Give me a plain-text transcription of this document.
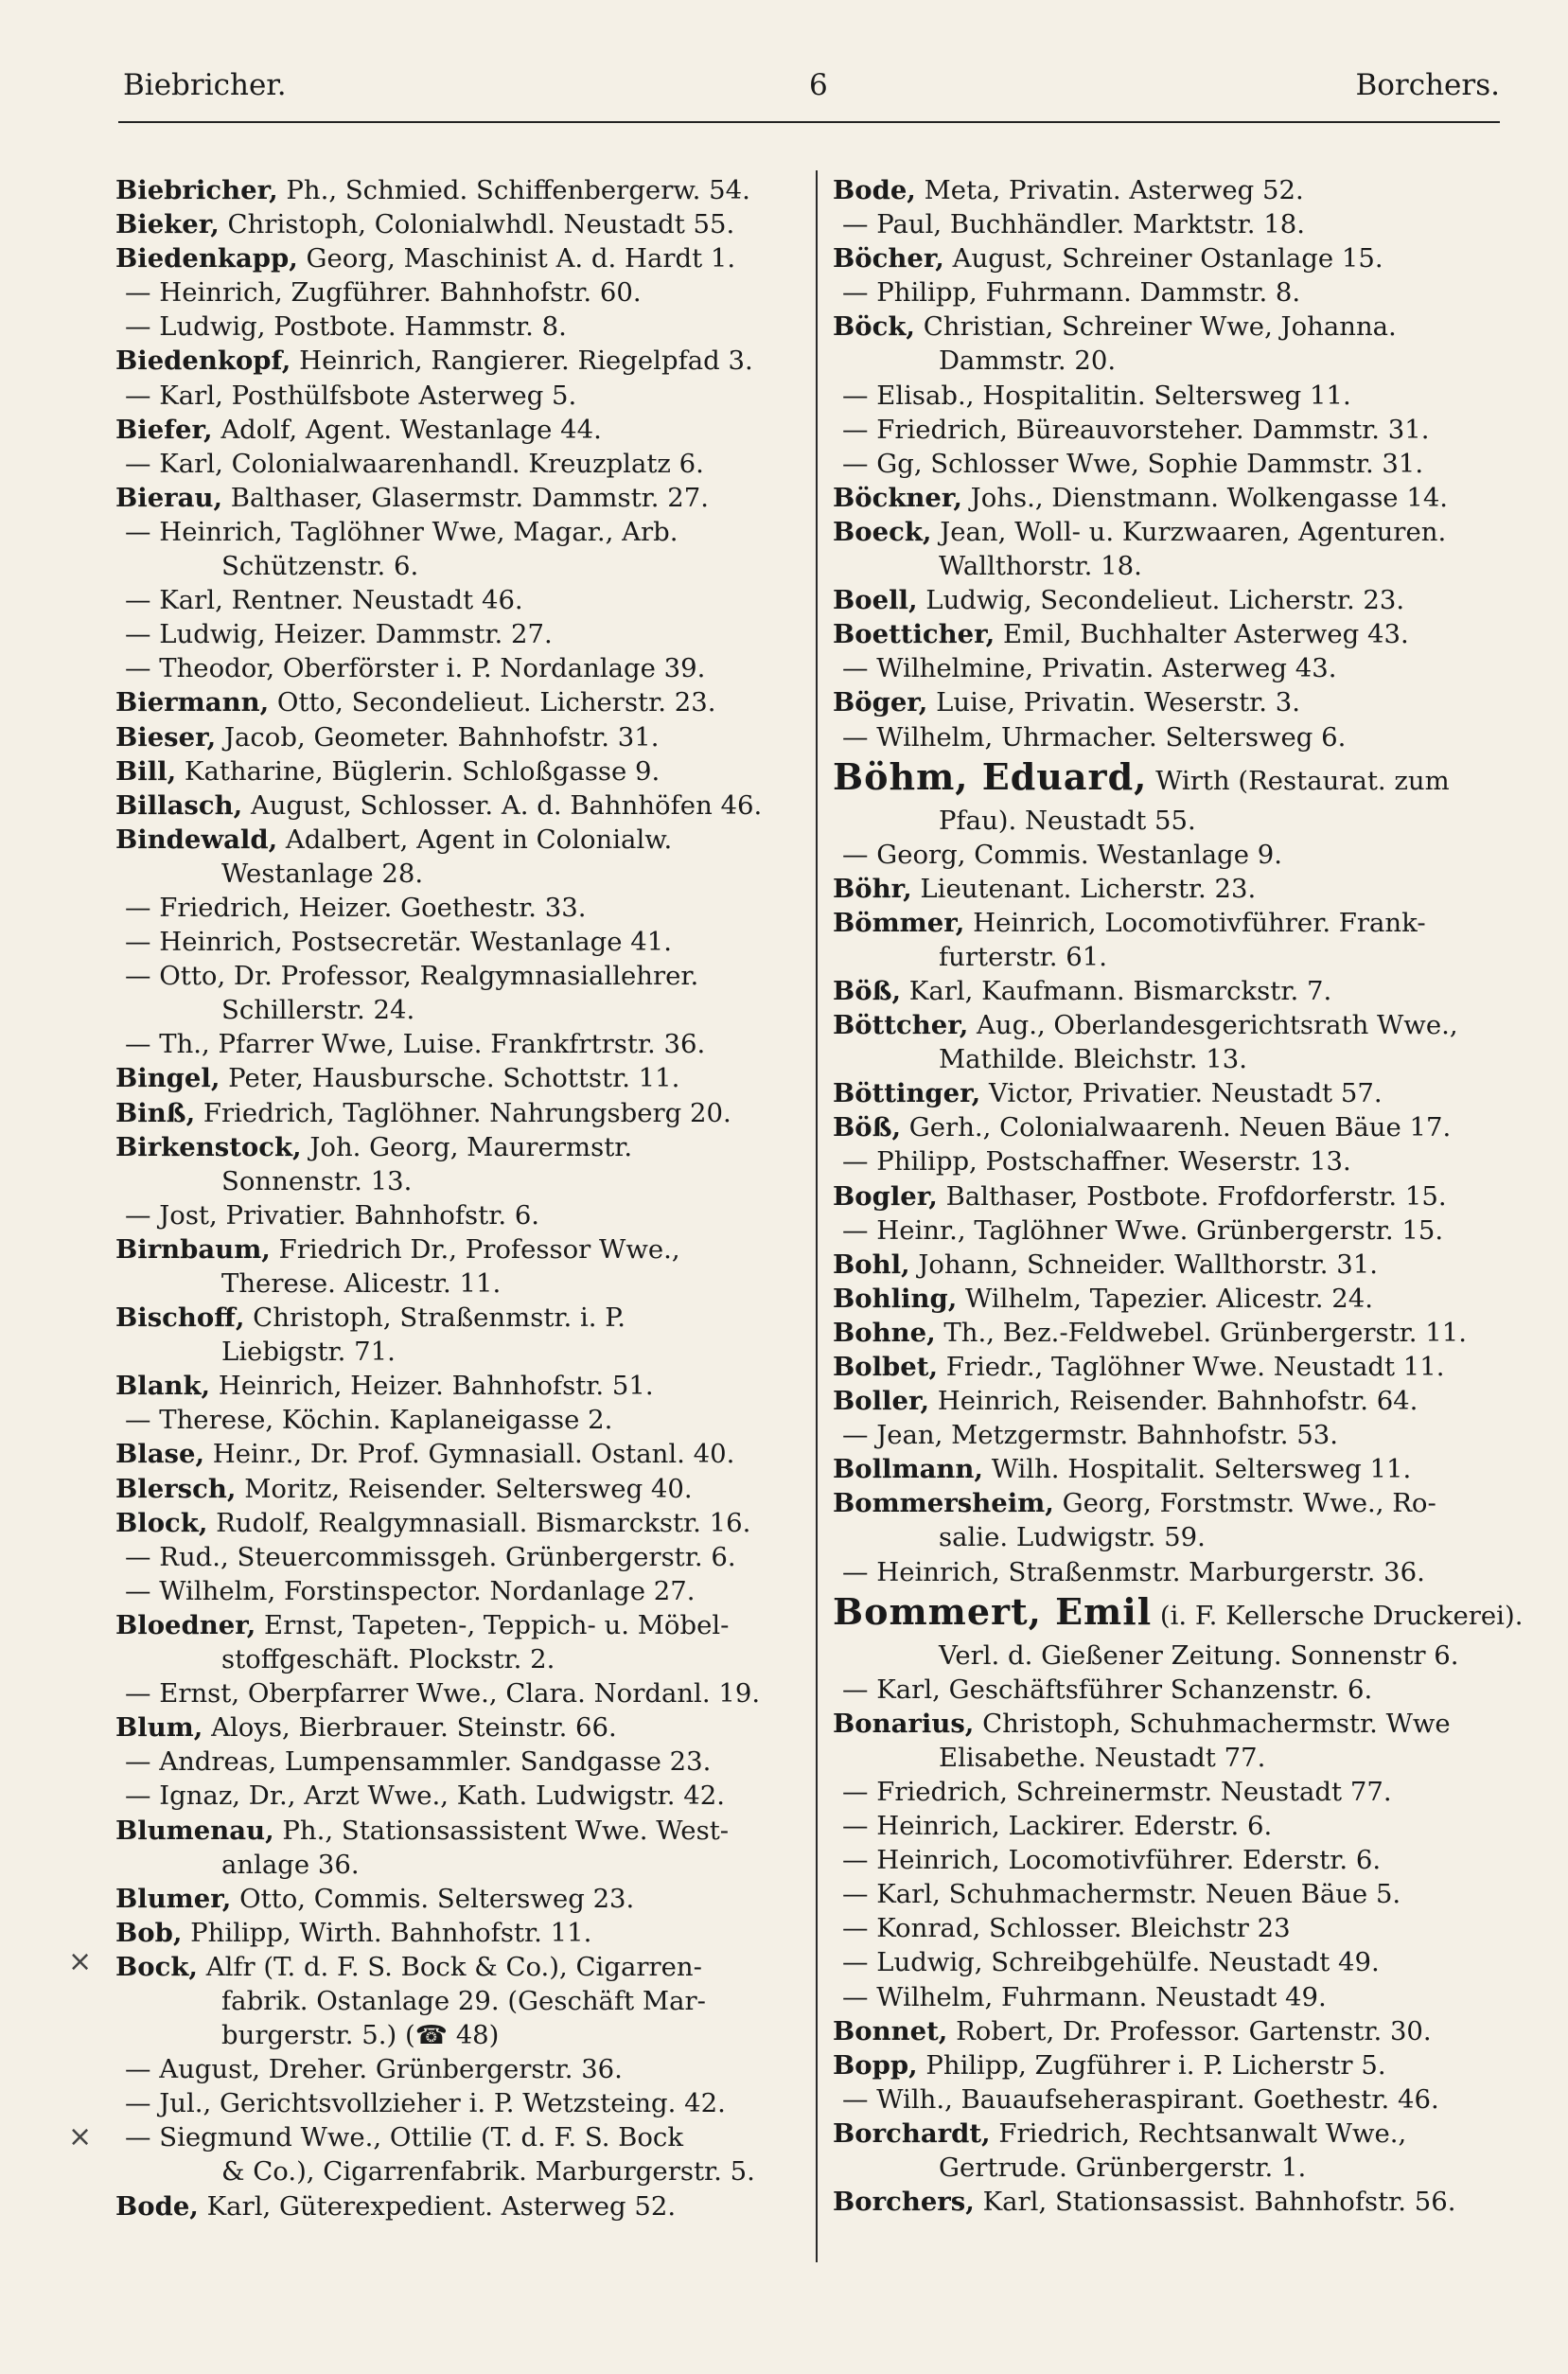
Biebricher.	6	Borchers.
Biebricher, Ph., Schmied. Schiffenbergerw. 54.
Bieker, Christoph, Colonialwhdl. Neustadt 55.
Biedenkapp, Georg, Maschinist A. d. Hardt 1.
— Heinrich, Zugführer. Bahnhofstr. 60.
— Ludwig, Postbote. Hammstr. 8.
Biedenkopf, Heinrich, Rangierer. Riegelpfad 3.
— Karl, Posthülfsbote Asterweg 5.
Biefer, Adolf, Agent. Westanlage 44.
— Karl, Colonialwaarenhandl. Kreuzplatz 6.
Bierau, Balthaser, Glasermstr. Dammstr. 27.
— Heinrich, Taglöhner Wwe, Magar., Arb.
Schützenstr. 6.
— Karl, Rentner. Neustadt 46.
— Ludwig, Heizer. Dammstr. 27.
— Theodor, Oberförster i. P. Nordanlage 39.
Biermann, Otto, Secondelieut. Licherstr. 23.
Bieser, Jacob, Geometer. Bahnhofstr. 31.
Bill, Katharine, Büglerin. Schloßgasse 9.
Billasch, August, Schlosser. A. d. Bahnhöfen 46.
Bindewald, Adalbert, Agent in Colonialw.
Westanlage 28.
— Friedrich, Heizer. Goethestr. 33.
— Heinrich, Postsecretär. Westanlage 41.
— Otto, Dr. Professor, Realgymnasiallehrer.
Schillerstr. 24.
— Th., Pfarrer Wwe, Luise. Frankfrtrstr. 36.
Bingel, Peter, Hausbursche. Schottstr. 11.
Binß, Friedrich, Taglöhner. Nahrungsberg 20.
Birkenstock, Joh. Georg, Maurermstr.
Sonnenstr. 13.
— Jost, Privatier. Bahnhofstr. 6.
Birnbaum, Friedrich Dr., Professor Wwe.,
Therese. Alicestr. 11.
Bischoff, Christoph, Straßenmstr. i. P.
Liebigstr. 71.
Blank, Heinrich, Heizer. Bahnhofstr. 51.
— Therese, Köchin. Kaplaneigasse 2.
Blase, Heinr., Dr. Prof. Gymnasiall. Ostanl. 40.
Blersch, Moritz, Reisender. Seltersweg 40.
Block, Rudolf, Realgymnasiall. Bismarckstr. 16.
— Rud., Steuercommissgeh. Grünbergerstr. 6.
— Wilhelm, Forstinspector. Nordanlage 27.
Bloedner, Ernst, Tapeten-, Teppich- u. Möbel-
stoffgeschäft. Plockstr. 2.
— Ernst, Oberpfarrer Wwe., Clara. Nordanl. 19.
Blum, Aloys, Bierbrauer. Steinstr. 66.
— Andreas, Lumpensammler. Sandgasse 23.
— Ignaz, Dr., Arzt Wwe., Kath. Ludwigstr. 42.
Blumenau, Ph., Stationsassistent Wwe. West-
anlage 36.
Blumer, Otto, Commis. Seltersweg 23.
Bob, Philipp, Wirth. Bahnhofstr. 11.
Bock, Alfr (T. d. F. S. Bock & Co.), Cigarren-
fabrik. Ostanlage 29. (Geschäft Mar-
burgerstr. 5.) (☎ 48)
— August, Dreher. Grünbergerstr. 36.
— Jul., Gerichtsvollzieher i. P. Wetzsteing. 42.
— Siegmund Wwe., Ottilie (T. d. F. S. Bock
& Co.), Cigarrenfabrik. Marburgerstr. 5.
Bode, Karl, Güterexpedient. Asterweg 52.
Bode, Meta, Privatin. Asterweg 52.
— Paul, Buchhändler. Marktstr. 18.
Böcher, August, Schreiner Ostanlage 15.
— Philipp, Fuhrmann. Dammstr. 8.
Böck, Christian, Schreiner Wwe, Johanna.
Dammstr. 20.
— Elisab., Hospitalitin. Seltersweg 11.
— Friedrich, Büreauvorsteher. Dammstr. 31.
— Gg, Schlosser Wwe, Sophie Dammstr. 31.
Böckner, Johs., Dienstmann. Wolkengasse 14.
Boeck, Jean, Woll- u. Kurzwaaren, Agenturen.
Wallthorstr. 18.
Boell, Ludwig, Secondelieut. Licherstr. 23.
Boetticher, Emil, Buchhalter Asterweg 43.
— Wilhelmine, Privatin. Asterweg 43.
Böger, Luise, Privatin. Weserstr. 3.
— Wilhelm, Uhrmacher. Seltersweg 6.
Böhm, Eduard, Wirth (Restaurat. zum
Pfau). Neustadt 55.
— Georg, Commis. Westanlage 9.
Böhr, Lieutenant. Licherstr. 23.
Bömmer, Heinrich, Locomotivführer. Frank-
furterstr. 61.
Böß, Karl, Kaufmann. Bismarckstr. 7.
Böttcher, Aug., Oberlandesgerichtsrath Wwe.,
Mathilde. Bleichstr. 13.
Böttinger, Victor, Privatier. Neustadt 57.
Böß, Gerh., Colonialwaarenh. Neuen Bäue 17.
— Philipp, Postschaffner. Weserstr. 13.
Bogler, Balthaser, Postbote. Frofdorferstr. 15.
— Heinr., Taglöhner Wwe. Grünbergerstr. 15.
Bohl, Johann, Schneider. Wallthorstr. 31.
Bohling, Wilhelm, Tapezier. Alicestr. 24.
Bohne, Th., Bez.-Feldwebel. Grünbergerstr. 11.
Bolbet, Friedr., Taglöhner Wwe. Neustadt 11.
Boller, Heinrich, Reisender. Bahnhofstr. 64.
— Jean, Metzgermstr. Bahnhofstr. 53.
Bollmann, Wilh. Hospitalit. Seltersweg 11.
Bommersheim, Georg, Forstmstr. Wwe., Ro-
salie. Ludwigstr. 59.
— Heinrich, Straßenmstr. Marburgerstr. 36.
Bommert, Emil (i. F. Kellersche Druckerei).
Verl. d. Gießener Zeitung. Sonnenstr 6.
— Karl, Geschäftsführer Schanzenstr. 6.
Bonarius, Christoph, Schuhmachermstr. Wwe
Elisabethe. Neustadt 77.
— Friedrich, Schreinermstr. Neustadt 77.
— Heinrich, Lackirer. Ederstr. 6.
— Heinrich, Locomotivführer. Ederstr. 6.
— Karl, Schuhmachermstr. Neuen Bäue 5.
— Konrad, Schlosser. Bleichstr 23
— Ludwig, Schreibgehülfe. Neustadt 49.
— Wilhelm, Fuhrmann. Neustadt 49.
Bonnet, Robert, Dr. Professor. Gartenstr. 30.
Bopp, Philipp, Zugführer i. P. Licherstr 5.
— Wilh., Bauaufseheraspirant. Goethestr. 46.
Borchardt, Friedrich, Rechtsanwalt Wwe.,
Gertrude. Grünbergerstr. 1.
Borchers, Karl, Stationsassist. Bahnhofstr. 56.
×
×
